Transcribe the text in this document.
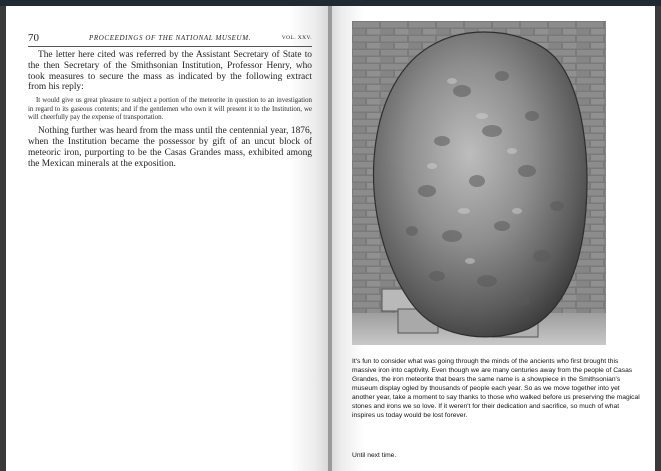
70	PROCEEDINGS OF THE NATIONAL MUSEUM.	VOL. XXV.

The letter here cited was referred by the Assistant Secretary of State to the then Secretary of the Smithsonian Institution, Professor Henry, who took measures to secure the mass as indicated by the following extract from his reply:

It would give us great pleasure to subject a portion of the meteorite in question to an investigation in regard to its gaseous contents; and if the gentlemen who own it will present it to the Institution, we will cheerfully pay the expense of transportation.

Nothing further was heard from the mass until the centennial year, 1876, when the Institution became the possessor by gift of an uncut block of meteoric iron, purporting to be the Casas Grandes mass, exhibited among the Mexican minerals at the exposition.

It's fun to consider what was going through the minds of the ancients who first brought this massive iron into captivity. Even though we are many centuries away from the people of Casas Grandes, the iron meteorite that bears the same name is a showpiece in the Smithsonian's museum display ogled by thousands of people each year. So as we move together into yet another year, take a moment to say thanks to those who walked before us preserving the magical stones and irons we so love. If it weren't for their dedication and sacrifice, so much of what inspires us today would be lost forever.

Until next time.
